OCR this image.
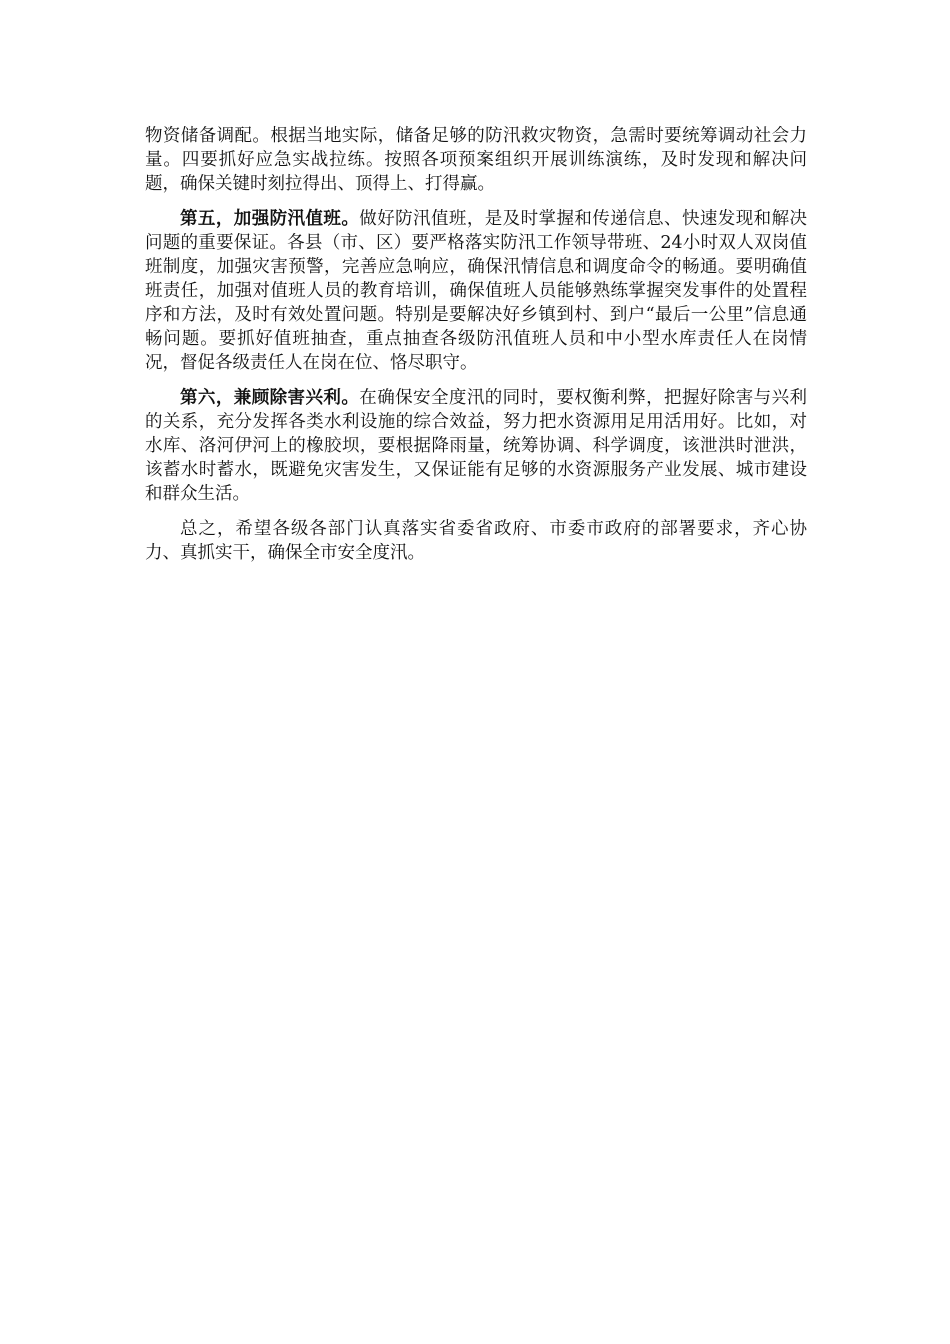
物资储备调配。根据当地实际，储备足够的防汛救灾物资，急需时要统筹调动社会力量。四要抓好应急实战拉练。按照各项预案组织开展训练演练，及时发现和解决问题，确保关键时刻拉得出、顶得上、打得赢。

第五，加强防汛值班。做好防汛值班，是及时掌握和传递信息、快速发现和解决问题的重要保证。各县（市、区）要严格落实防汛工作领导带班、24小时双人双岗值班制度，加强灾害预警，完善应急响应，确保汛情信息和调度命令的畅通。要明确值班责任，加强对值班人员的教育培训，确保值班人员能够熟练掌握突发事件的处置程序和方法，及时有效处置问题。特别是要解决好乡镇到村、到户“最后一公里”信息通畅问题。要抓好值班抽查，重点抽查各级防汛值班人员和中小型水库责任人在岗情况，督促各级责任人在岗在位、恪尽职守。

第六，兼顾除害兴利。在确保安全度汛的同时，要权衡利弊，把握好除害与兴利的关系，充分发挥各类水利设施的综合效益，努力把水资源用足用活用好。比如，对水库、洛河伊河上的橡胶坝，要根据降雨量，统筹协调、科学调度，该泄洪时泄洪，该蓄水时蓄水，既避免灾害发生，又保证能有足够的水资源服务产业发展、城市建设和群众生活。

总之，希望各级各部门认真落实省委省政府、市委市政府的部署要求，齐心协力、真抓实干，确保全市安全度汛。
